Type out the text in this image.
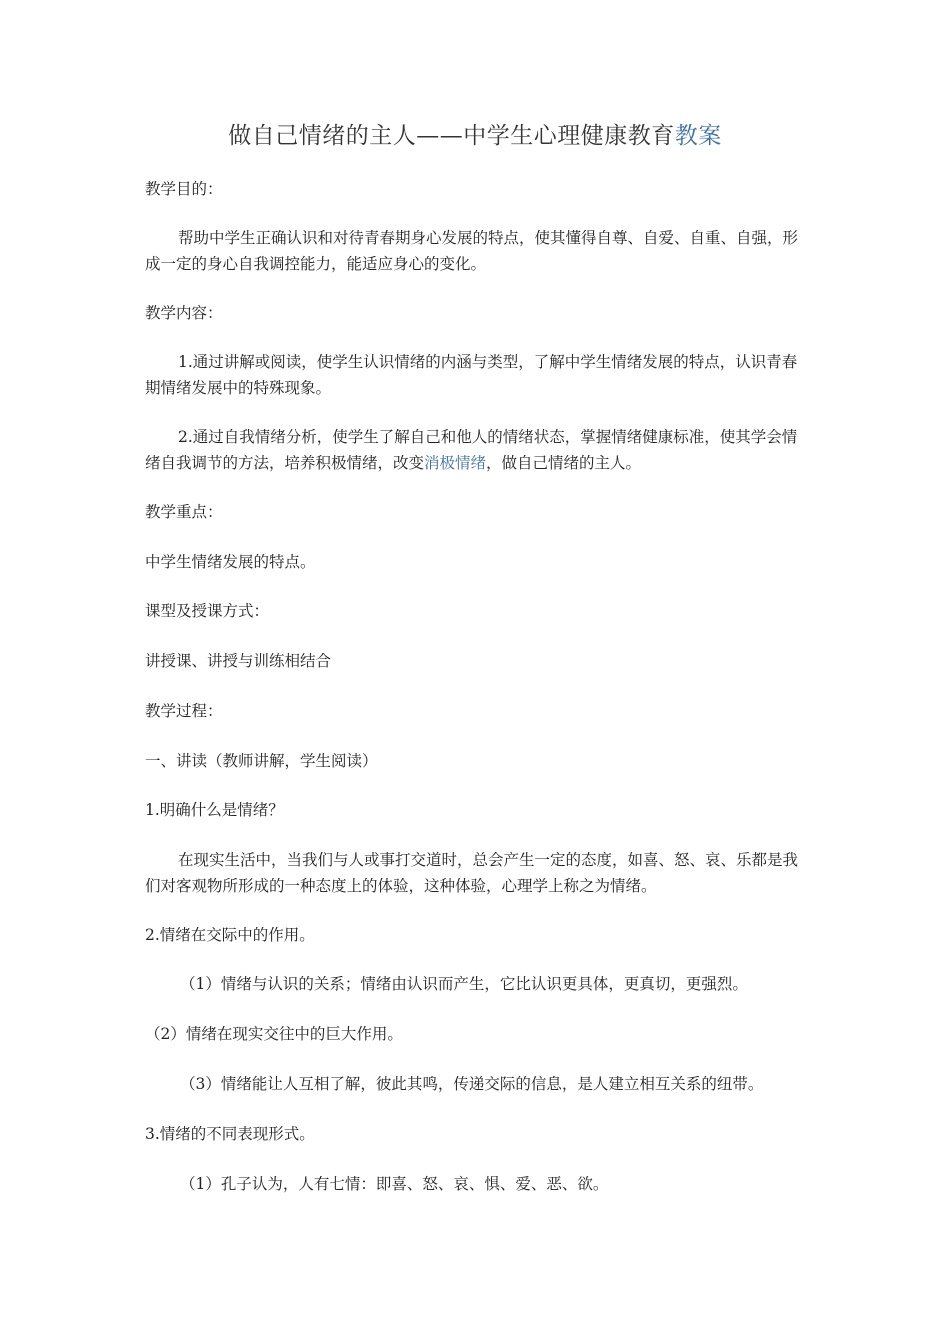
做自己情绪的主人——中学生心理健康教育教案

教学目的：

帮助中学生正确认识和对待青春期身心发展的特点，使其懂得自尊、自爱、自重、自强，形成一定的身心自我调控能力，能适应身心的变化。

教学内容：

1.通过讲解或阅读，使学生认识情绪的内涵与类型，了解中学生情绪发展的特点，认识青春期情绪发展中的特殊现象。

2.通过自我情绪分析，使学生了解自己和他人的情绪状态，掌握情绪健康标准，使其学会情绪自我调节的方法，培养积极情绪，改变消极情绪，做自己情绪的主人。

教学重点：

中学生情绪发展的特点。

课型及授课方式：

讲授课、讲授与训练相结合

教学过程：

一、讲读（教师讲解，学生阅读）

1.明确什么是情绪？

在现实生活中，当我们与人或事打交道时，总会产生一定的态度，如喜、怒、哀、乐都是我们对客观物所形成的一种态度上的体验，这种体验，心理学上称之为情绪。

2.情绪在交际中的作用。

（1）情绪与认识的关系；情绪由认识而产生，它比认识更具体，更真切，更强烈。

（2）情绪在现实交往中的巨大作用。

（3）情绪能让人互相了解，彼此其鸣，传递交际的信息，是人建立相互关系的纽带。

3.情绪的不同表现形式。

（1）孔子认为，人有七情：即喜、怒、哀、惧、爱、恶、欲。
